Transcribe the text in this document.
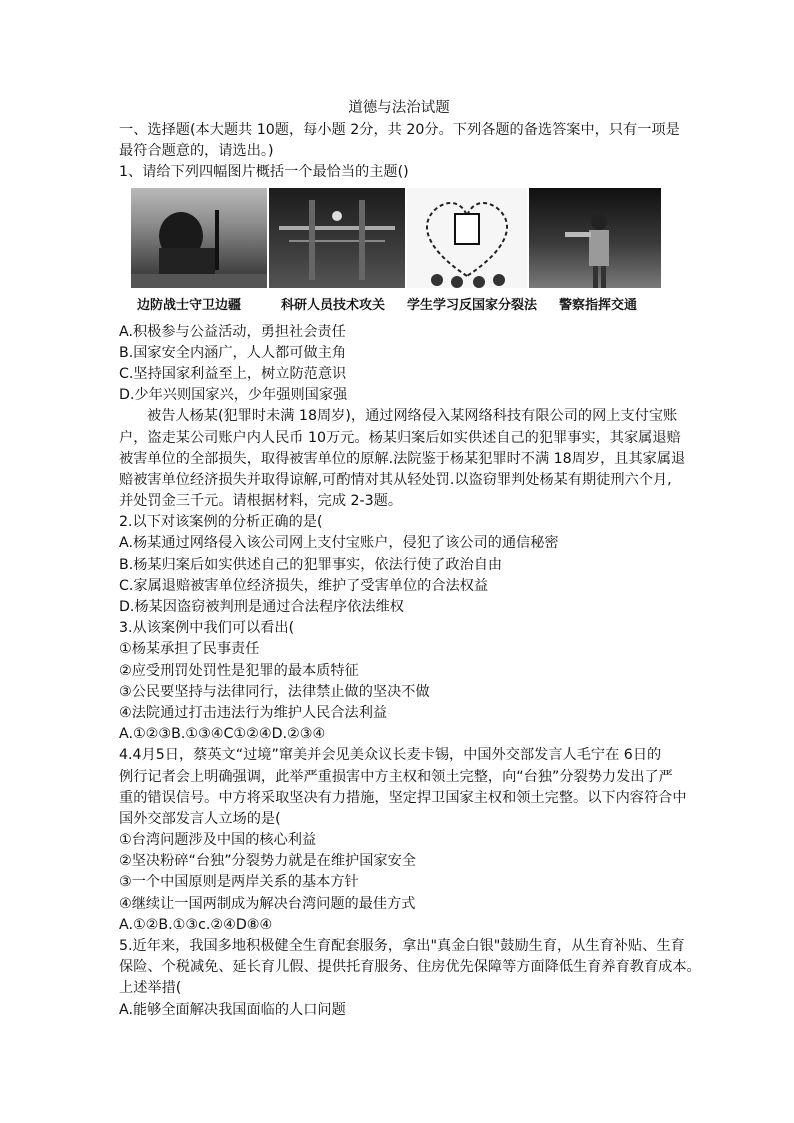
道德与法治试题
一、选择题(本大题共 10题，每小题 2分，共 20分。下列各题的备选答案中，只有一项是
最符合题意的，请选出。)
1、请给下列四幅图片概括一个最恰当的主题()
边防战士守卫边疆	科研人员技术攻关 学生学习反国家分裂法 警察指挥交通
A.积极参与公益活动，勇担社会责任
B.国家安全内涵广，人人都可做主角
C.坚持国家利益至上，树立防范意识
D.少年兴则国家兴，少年强则国家强
被告人杨某(犯罪时未满 18周岁)，通过网络侵入某网络科技有限公司的网上支付宝账
户，盗走某公司账户内人民币 10万元。杨某归案后如实供述自己的犯罪事实，其家属退赔
被害单位的全部损失，取得被害单位的原解.法院鉴于杨某犯罪时不满 18周岁，且其家属退
赔被害单位经济损失并取得谅解,可酌情对其从轻处罚.以盗窃罪判处杨某有期徒刑六个月,
并处罚金三千元。请根据材料，完成 2-3题。
2.以下对该案例的分析正确的是(
A.杨某通过网络侵入该公司网上支付宝账户，侵犯了该公司的通信秘密
B.杨某归案后如实供述自己的犯罪事实，依法行使了政治自由
C.家属退赔被害单位经济损失，维护了受害单位的合法权益
D.杨某因盗窃被判刑是通过合法程序依法维权
3.从该案例中我们可以看出(
①杨某承担了民事责任
②应受刑罚处罚性是犯罪的最本质特征
③公民要坚持与法律同行，法律禁止做的坚决不做
④法院通过打击违法行为维护人民合法利益
A.①②③B.①③④C①②④D.②③④
4.4月5日，蔡英文“过境”窜美并会见美众议长麦卡锡，中国外交部发言人毛宁在 6日的
例行记者会上明确强调，此举严重损害中方主权和领土完整，向“台独”分裂势力发出了严
重的错误信号。中方将采取坚决有力措施，坚定捍卫国家主权和领土完整。以下内容符合中
国外交部发言人立场的是(
①台湾问题涉及中国的核心利益
②坚决粉碎“台独”分裂势力就是在维护国家安全
③一个中国原则是两岸关系的基本方针
④继续让一国两制成为解决台湾问题的最佳方式
A.①②B.①③c.②④D⑧④
5.近年来，我国多地积极健全生育配套服务，拿出"真金白银"鼓励生育，从生育补贴、生育
保险、个税减免、延长育儿假、提供托育服务、住房优先保障等方面降低生育养育教育成本。
上述举措(
A.能够全面解决我国面临的人口问题
